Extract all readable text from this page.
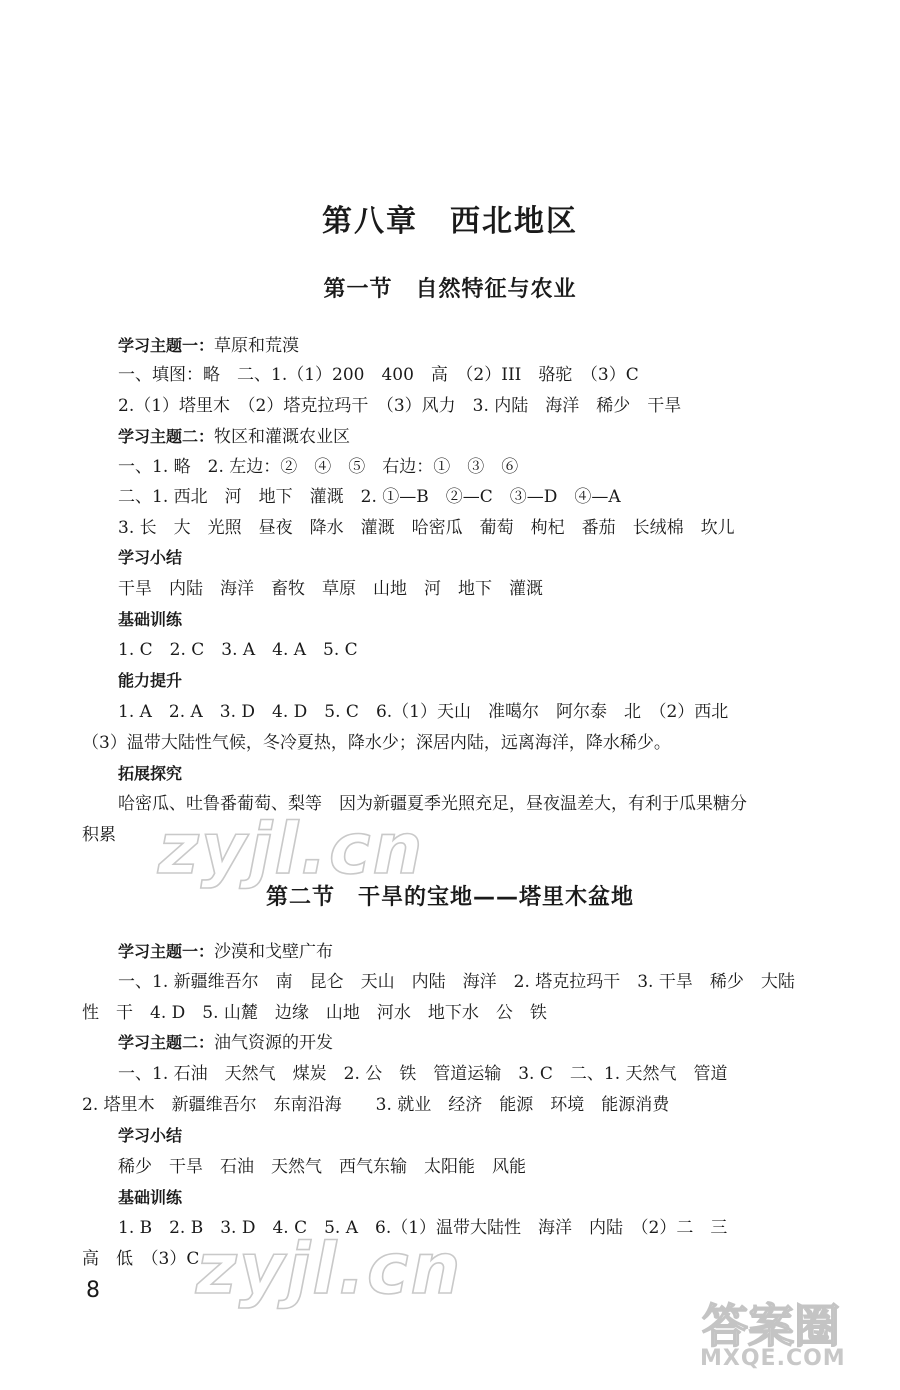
第八章　西北地区
第一节　自然特征与农业
学习主题一：草原和荒漠
一、填图：略　二、1.（1）200　400　高　（2）III　骆驼　（3）C
2.（1）塔里木　（2）塔克拉玛干　（3）风力　3. 内陆　海洋　稀少　干旱
学习主题二：牧区和灌溉农业区
一、1. 略　2. 左边：②　④　⑤　右边：①　③　⑥
二、1. 西北　河　地下　灌溉　2. ①—B　②—C　③—D　④—A
3. 长　大　光照　昼夜　降水　灌溉　哈密瓜　葡萄　枸杞　番茄　长绒棉　坎儿
学习小结
干旱　内陆　海洋　畜牧　草原　山地　河　地下　灌溉
基础训练
1. C　2. C　3. A　4. A　5. C
能力提升
1. A　2. A　3. D　4. D　5. C　6.（1）天山　准噶尔　阿尔泰　北　（2）西北
（3）温带大陆性气候，冬冷夏热，降水少；深居内陆，远离海洋，降水稀少。
拓展探究
哈密瓜、吐鲁番葡萄、梨等　因为新疆夏季光照充足，昼夜温差大，有利于瓜果糖分
积累
第二节　干旱的宝地——塔里木盆地
学习主题一：沙漠和戈壁广布
一、1. 新疆维吾尔　南　昆仑　天山　内陆　海洋　2. 塔克拉玛干　3. 干旱　稀少　大陆
性　干　4. D　5. 山麓　边缘　山地　河水　地下水　公　铁
学习主题二：油气资源的开发
一、1. 石油　天然气　煤炭　2. 公　铁　管道运输　3. C　二、1. 天然气　管道
2. 塔里木　新疆维吾尔　东南沿海　　3. 就业　经济　能源　环境　能源消费
学习小结
稀少　干旱　石油　天然气　西气东输　太阳能　风能
基础训练
1. B　2. B　3. D　4. C　5. A　6.（1）温带大陆性　海洋　内陆　（2）二　三
高　低　（3）C
8
zyjl.cn
zyjl.cn
答案圈
MXQE.COM
